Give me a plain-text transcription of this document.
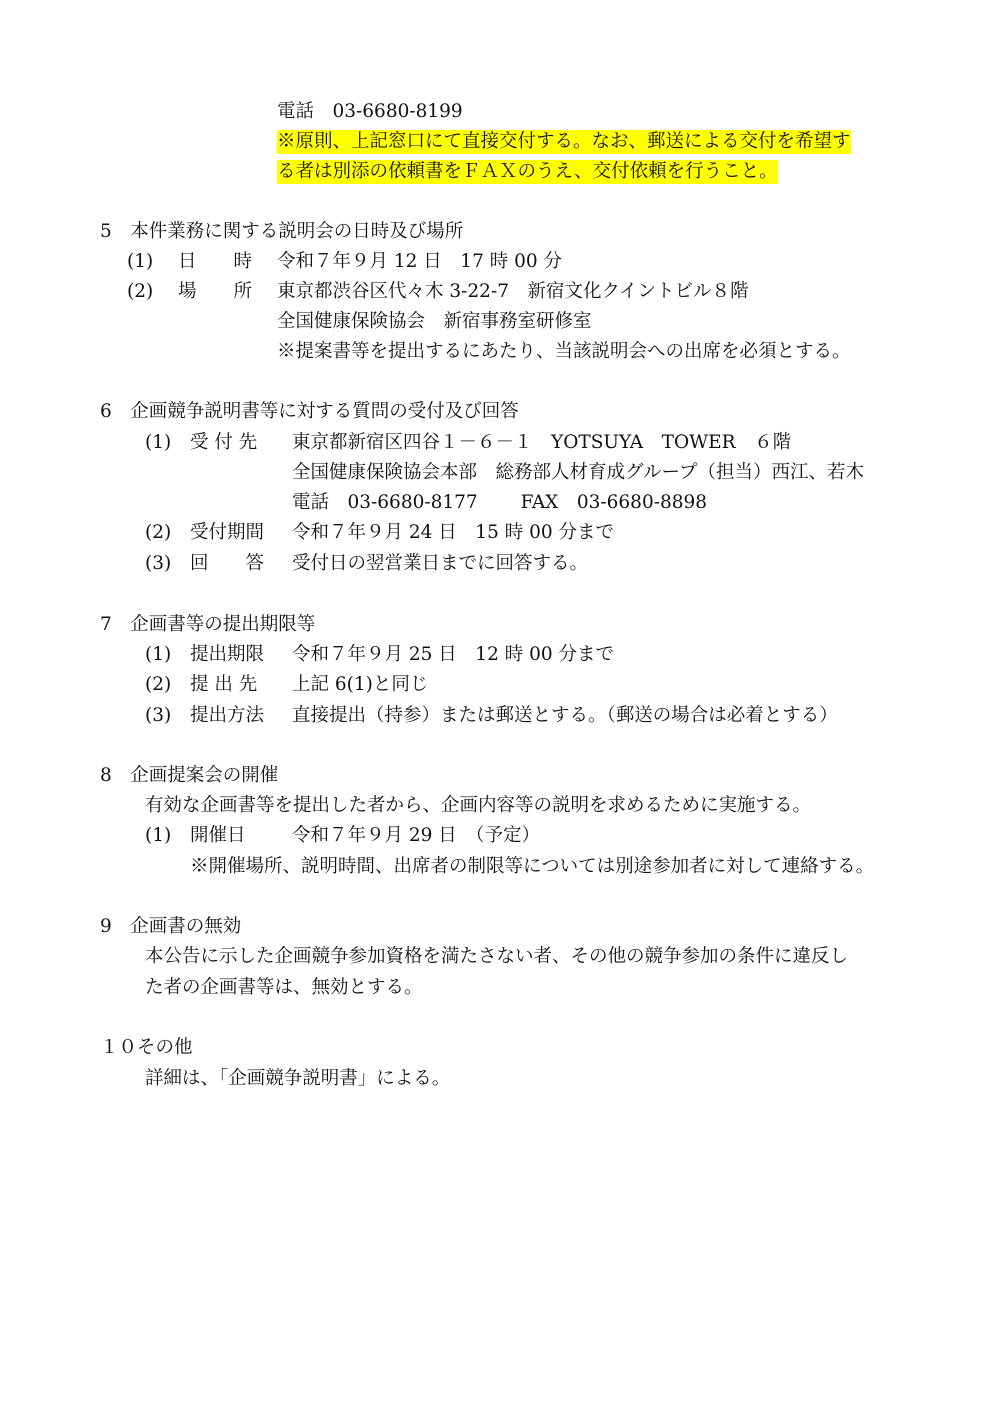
電話　03-6680-8199
※原則、上記窓口にて直接交付する。なお、郵送による交付を希望す
る者は別添の依頼書をＦＡＸのうえ、交付依頼を行うこと。
5　本件業務に関する説明会の日時及び場所
(1) 日　　時 令和７年９月 12 日　17 時 00 分
(2) 場　　所 東京都渋谷区代々木 3-22-7　新宿文化クイントビル８階
全国健康保険協会　新宿事務室研修室
※提案書等を提出するにあたり、当該説明会への出席を必須とする。
6　企画競争説明書等に対する質問の受付及び回答
(1) 受 付 先 東京都新宿区四谷１－６－１　YOTSUYA　TOWER　６階
全国健康保険協会本部　総務部人材育成グループ（担当）西江、若木
電話　03-6680-8177　　 FAX　03-6680-8898
(2) 受付期間 令和７年９月 24 日　15 時 00 分まで
(3) 回　　答 受付日の翌営業日までに回答する。
7　企画書等の提出期限等
(1) 提出期限 令和７年９月 25 日　12 時 00 分まで
(2) 提 出 先 上記 6(1)と同じ
(3) 提出方法 直接提出（持参）または郵送とする。（郵送の場合は必着とする）
8　企画提案会の開催
有効な企画書等を提出した者から、企画内容等の説明を求めるために実施する。
(1) 開催日	令和７年９月 29 日　（予定）
※開催場所、説明時間、出席者の制限等については別途参加者に対して連絡する。
9　企画書の無効
本公告に示した企画競争参加資格を満たさない者、その他の競争参加の条件に違反し
た者の企画書等は、無効とする。
１０その他
詳細は、「企画競争説明書」による。
